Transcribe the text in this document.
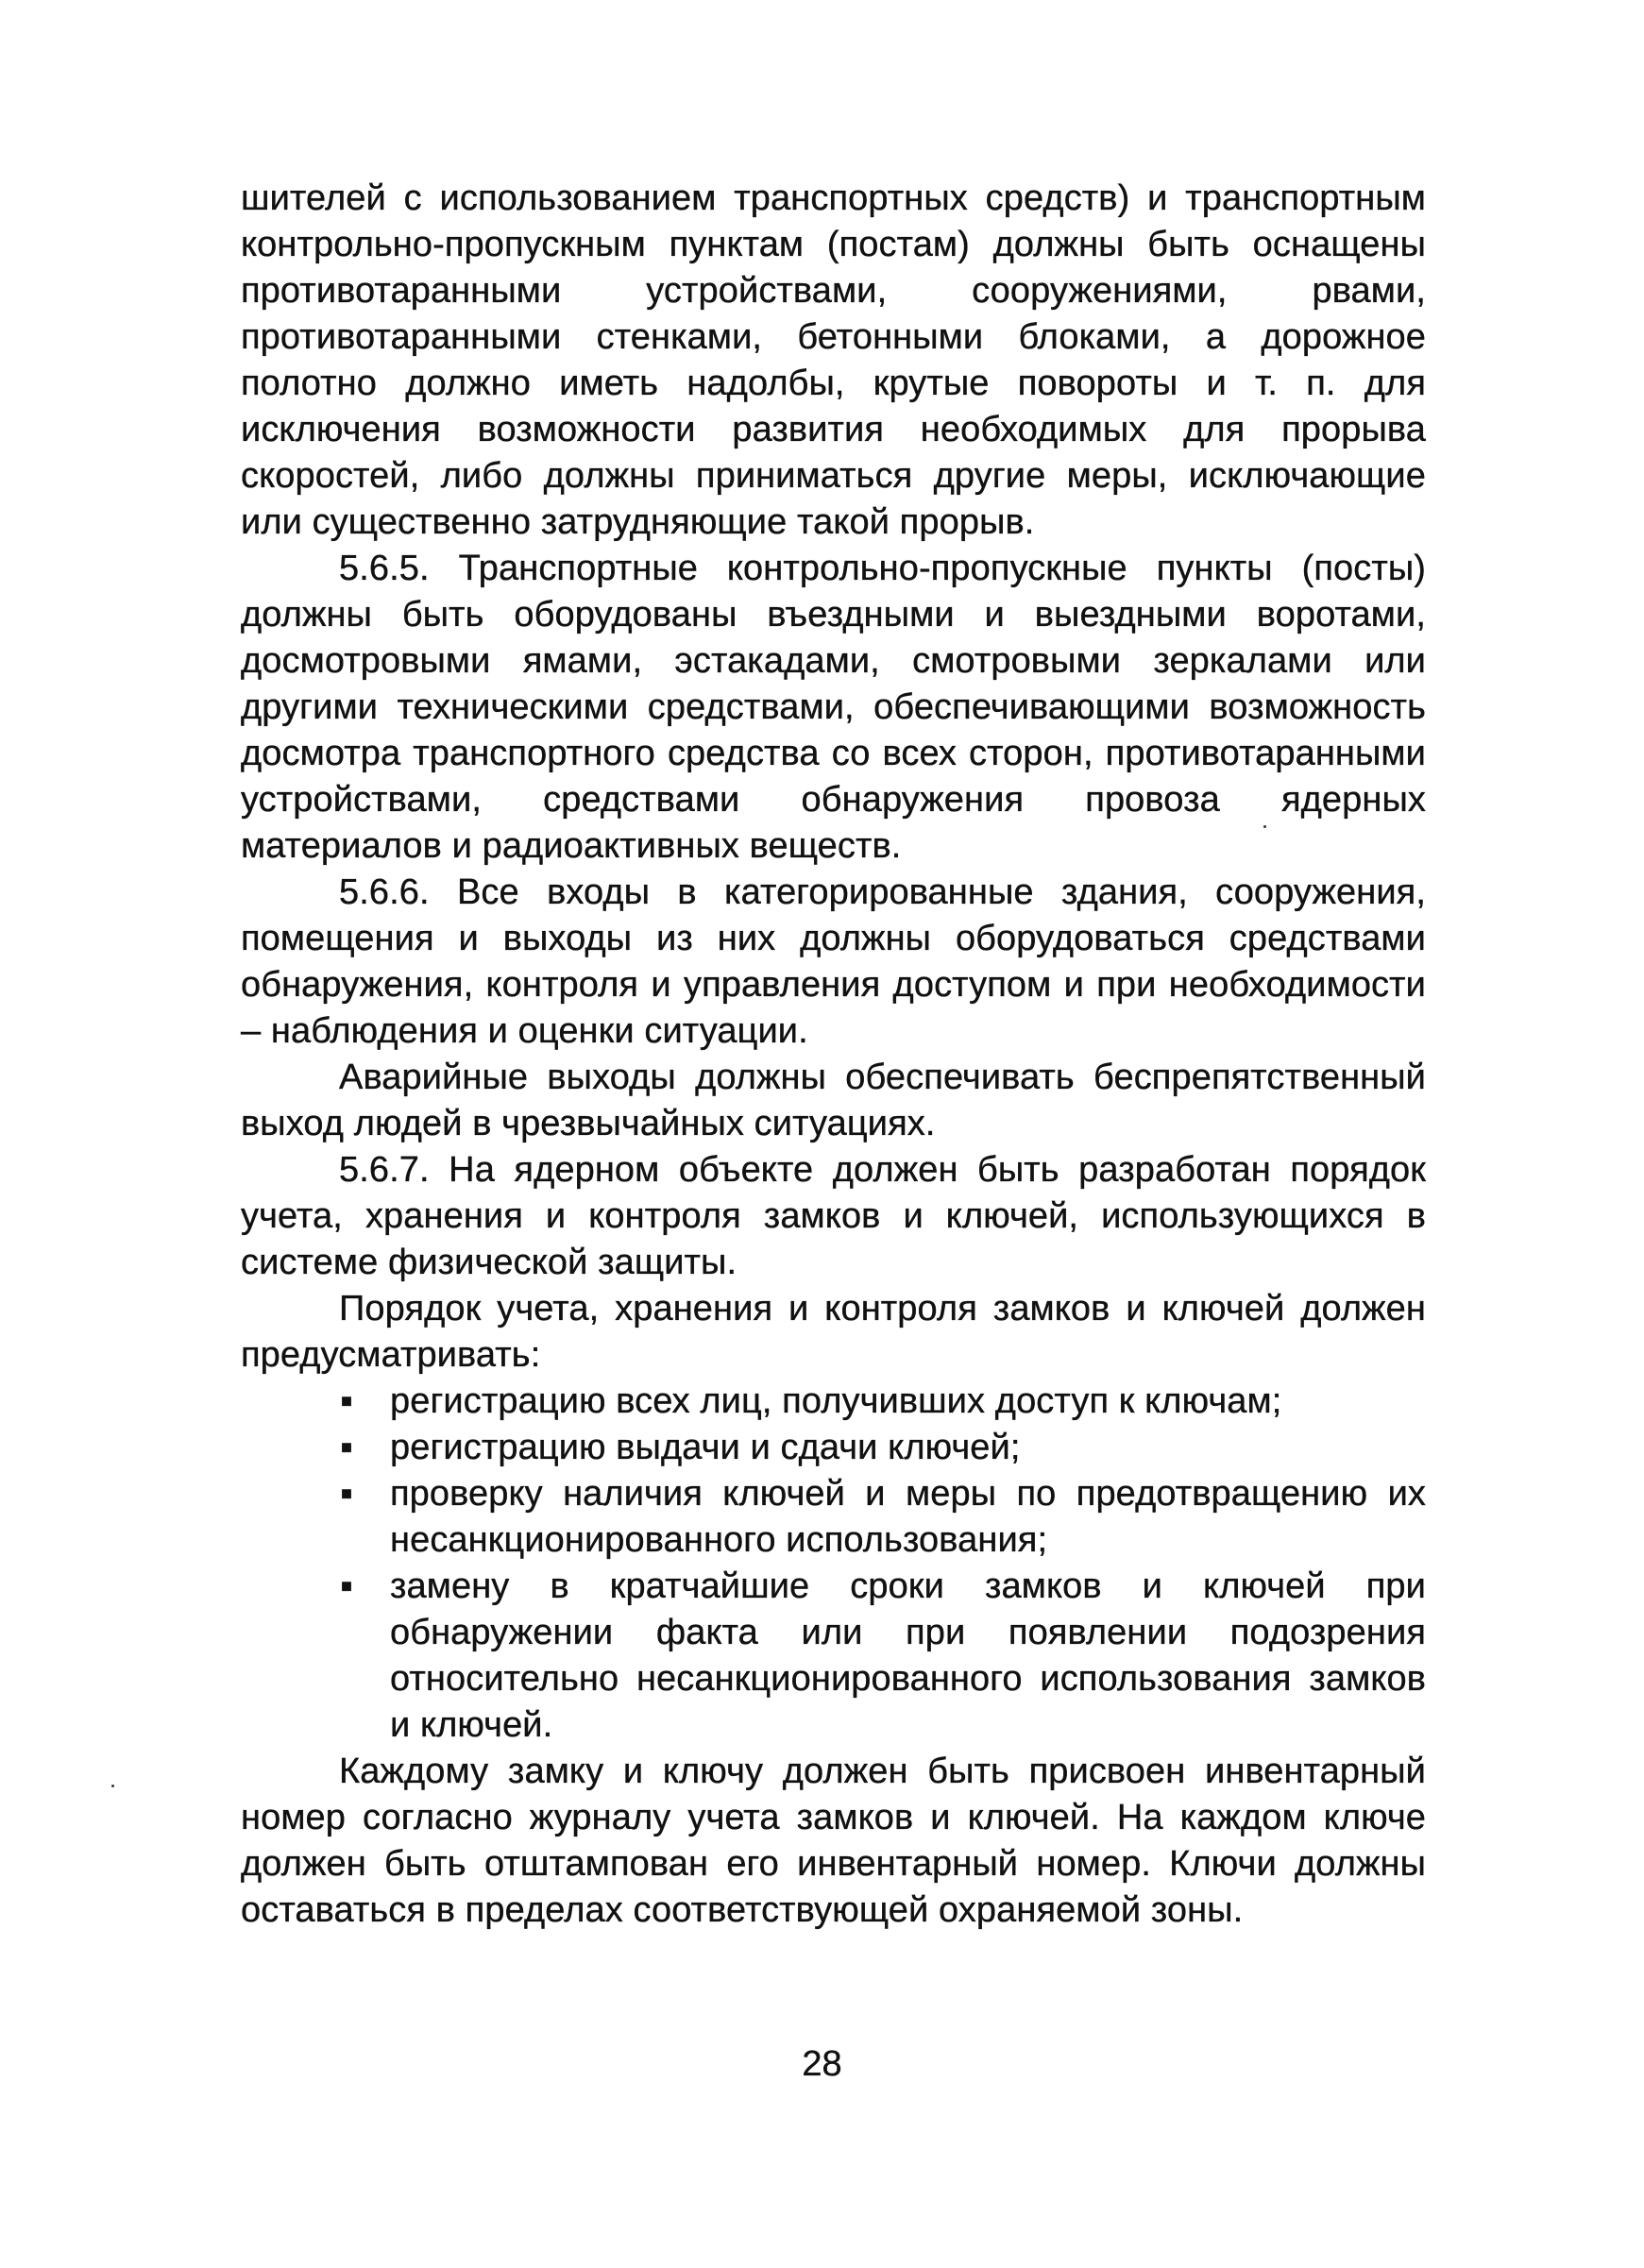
шителей с использованием транспортных средств) и транспортным контрольно-пропускным пунктам (постам) должны быть оснащены противотаранными устройствами, сооружениями, рвами, противотаранными стенками, бетонными блоками, а дорожное полотно должно иметь надолбы, крутые повороты и т. п. для исключения возможности развития необходимых для прорыва скоростей, либо должны приниматься другие меры, исключающие или существенно затрудняющие такой прорыв.

5.6.5. Транспортные контрольно-пропускные пункты (посты) должны быть оборудованы въездными и выездными воротами, досмотровыми ямами, эстакадами, смотровыми зеркалами или другими техническими средствами, обеспечивающими возможность досмотра транспортного средства со всех сторон, противотаранными устройствами, средствами обнаружения провоза ядерных материалов и радиоактивных веществ.

5.6.6. Все входы в категорированные здания, сооружения, помещения и выходы из них должны оборудоваться средствами обнаружения, контроля и управления доступом и при необходимости – наблюдения и оценки ситуации.

Аварийные выходы должны обеспечивать беспрепятственный выход людей в чрезвычайных ситуациях.

5.6.7. На ядерном объекте должен быть разработан порядок учета, хранения и контроля замков и ключей, использующихся в системе физической защиты.

Порядок учета, хранения и контроля замков и ключей должен предусматривать:

▪ регистрацию всех лиц, получивших доступ к ключам;
▪ регистрацию выдачи и сдачи ключей;
▪ проверку наличия ключей и меры по предотвращению их несанкционированного использования;
▪ замену в кратчайшие сроки замков и ключей при обнаружении факта или при появлении подозрения относительно несанкционированного использования замков и ключей.

Каждому замку и ключу должен быть присвоен инвентарный номер согласно журналу учета замков и ключей. На каждом ключе должен быть отштампован его инвентарный номер. Ключи должны оставаться в пределах соответствующей охраняемой зоны.

28
